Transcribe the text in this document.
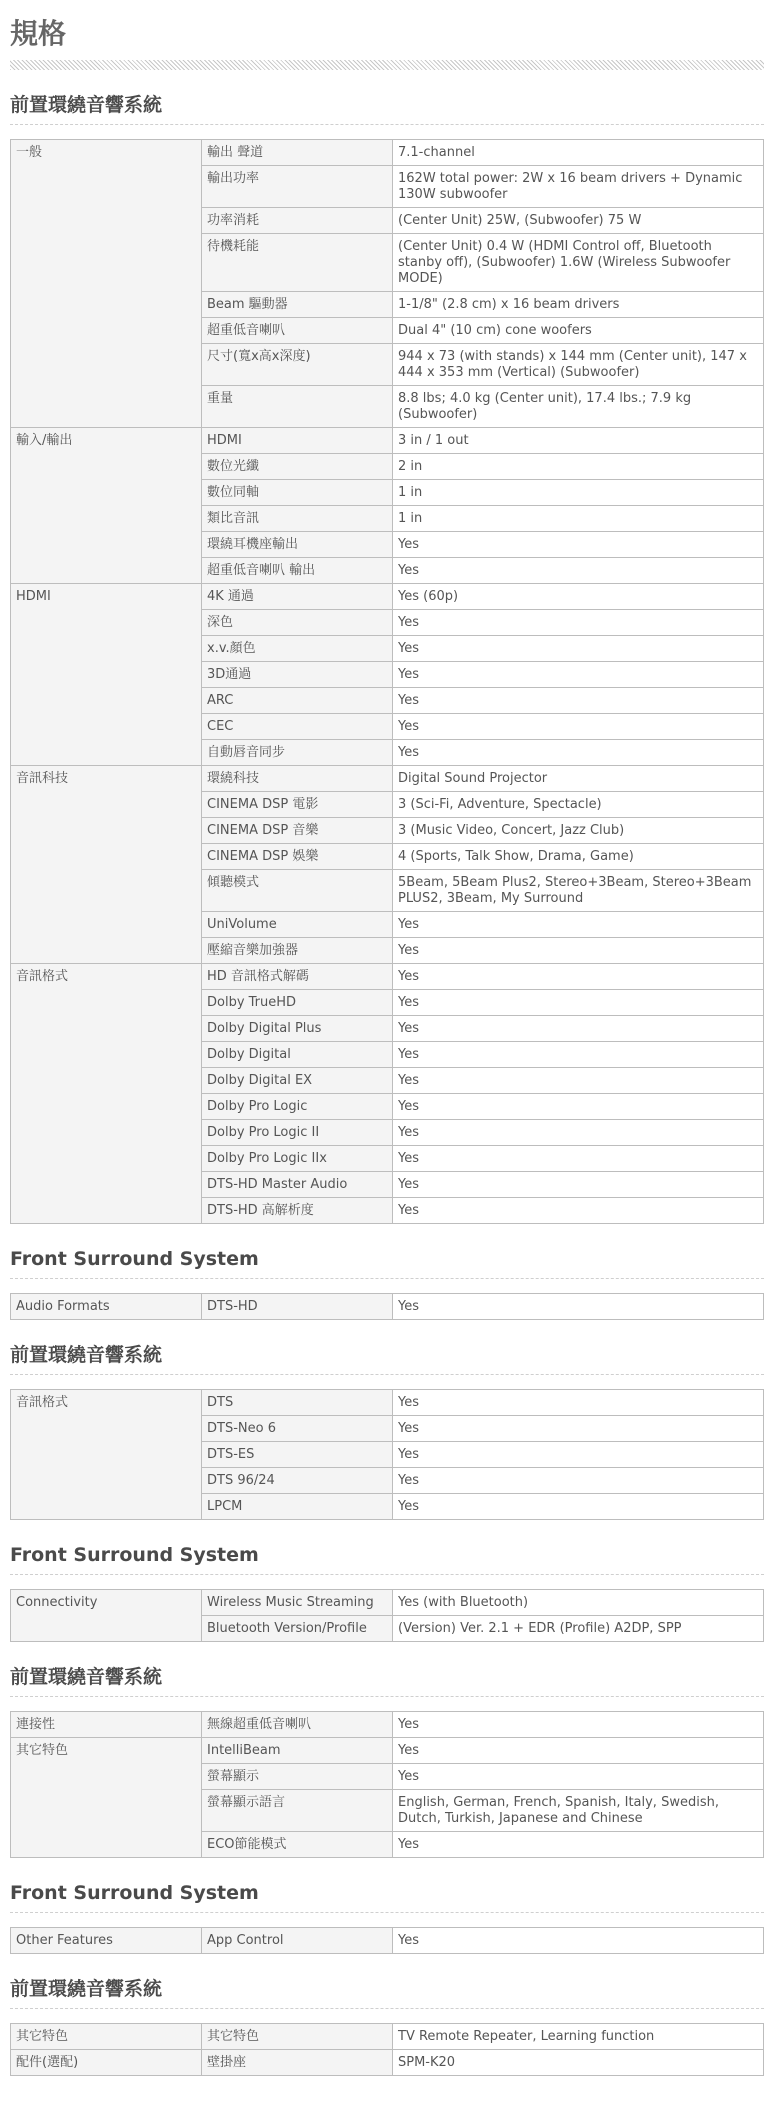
規格
前置環繞音響系統
一般	輸出 聲道	7.1-channel
	輸出功率	162W total power: 2W x 16 beam drivers + Dynamic 130W subwoofer
	功率消耗	(Center Unit) 25W, (Subwoofer) 75 W
	待機耗能	(Center Unit) 0.4 W (HDMI Control off, Bluetooth stanby off), (Subwoofer) 1.6W (Wireless Subwoofer MODE)
	Beam 驅動器	1-1/8" (2.8 cm) x 16 beam drivers
	超重低音喇叭	Dual 4" (10 cm) cone woofers
	尺寸(寬x高x深度)	944 x 73 (with stands) x 144 mm (Center unit), 147 x 444 x 353 mm (Vertical) (Subwoofer)
	重量	8.8 lbs; 4.0 kg (Center unit), 17.4 lbs.; 7.9 kg (Subwoofer)
輸入/輸出	HDMI	3 in / 1 out
	數位光纖	2 in
	數位同軸	1 in
	類比音訊	1 in
	環繞耳機座輸出	Yes
	超重低音喇叭 輸出	Yes
HDMI	4K 通過	Yes (60p)
	深色	Yes
	x.v.顏色	Yes
	3D通過	Yes
	ARC	Yes
	CEC	Yes
	自動唇音同步	Yes
音訊科技	環繞科技	Digital Sound Projector
	CINEMA DSP 電影	3 (Sci-Fi, Adventure, Spectacle)
	CINEMA DSP 音樂	3 (Music Video, Concert, Jazz Club)
	CINEMA DSP 娛樂	4 (Sports, Talk Show, Drama, Game)
	傾聽模式	5Beam, 5Beam Plus2, Stereo+3Beam, Stereo+3Beam PLUS2, 3Beam, My Surround
	UniVolume	Yes
	壓縮音樂加強器	Yes
音訊格式	HD 音訊格式解碼	Yes
	Dolby TrueHD	Yes
	Dolby Digital Plus	Yes
	Dolby Digital	Yes
	Dolby Digital EX	Yes
	Dolby Pro Logic	Yes
	Dolby Pro Logic II	Yes
	Dolby Pro Logic IIx	Yes
	DTS-HD Master Audio	Yes
	DTS-HD 高解析度	Yes
Front Surround System
Audio Formats	DTS-HD	Yes
前置環繞音響系統
音訊格式	DTS	Yes
	DTS-Neo 6	Yes
	DTS-ES	Yes
	DTS 96/24	Yes
	LPCM	Yes
Front Surround System
Connectivity	Wireless Music Streaming	Yes (with Bluetooth)
	Bluetooth Version/Profile	(Version) Ver. 2.1 + EDR (Profile) A2DP, SPP
前置環繞音響系統
連接性	無線超重低音喇叭	Yes
其它特色	IntelliBeam	Yes
	螢幕顯示	Yes
	螢幕顯示語言	English, German, French, Spanish, Italy, Swedish, Dutch, Turkish, Japanese and Chinese
	ECO節能模式	Yes
Front Surround System
Other Features	App Control	Yes
前置環繞音響系統
其它特色	其它特色	TV Remote Repeater, Learning function
配件(選配)	壁掛座	SPM-K20
